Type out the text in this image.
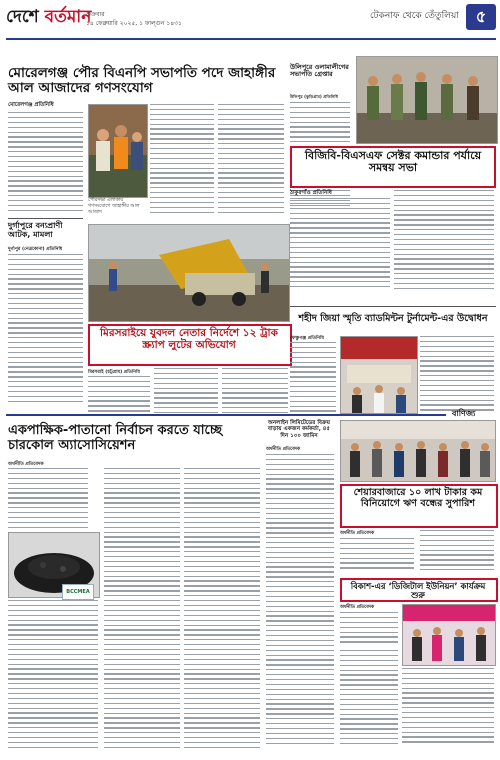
দেশে বর্তমান
শুক্রবার
১৪ ফেব্রুয়ারি ২০২৫, ১ ফাল্গুন ১৪৩১
টেকনাফ থেকে তেঁতুলিয়া	৫
মোরেলগঞ্জ পৌর বিএনপি সভাপতি পদে জাহাঙ্গীর আল আজাদের গণসংযোগ
মোরেলগঞ্জ প্রতিনিধি
পৌরসভা এলাকায় গণসংযোগে জাহাঙ্গীর আল আজাদ
দুর্গাপুরে বন্যপ্রাণী আটক, মামলা
দুর্গাপুর (নেত্রকোনা) প্রতিনিধি
উলিপুরে ওলামালীগের সভাপতি গ্রেপ্তার
উলিপুর (কুড়িগ্রাম) প্রতিনিধি
বিজিবি-বিএসএফ সেক্টর কমান্ডার পর্যায়ে সমন্বয় সভা
ঠাকুরগাঁও প্রতিনিধি
মিরসরাইয়ে যুবদল নেতার নির্দেশে ১২ ট্রাক স্ক্র্যাপ লুটের অভিযোগ
মিরসরাই (চট্টগ্রাম) প্রতিনিধি
শহীদ জিয়া স্মৃতি ব্যাডমিন্টন টুর্নামেন্ট-এর উদ্বোধন
ফেঞ্চুগঞ্জ প্রতিনিধি
বাণিজ্য
একপাক্ষিক-পাতানো নির্বাচন করতে যাচ্ছে চারকোল অ্যাসোসিয়েশন
অর্থনীতি প্রতিবেদক
BCCMEA
অনলাইন লিমিটেডের বিক্রয় বাড়ায় একজন কর্মকর্তা, ৪৫ দিন ১০০ জামিন
অর্থনীতি প্রতিবেদক
শেয়ারবাজারে ১০ লাখ টাকার কম বিনিয়োগে ঋণ বন্ধের সুপারিশ
অর্থনীতি প্রতিবেদক
বিকাশ-এর ‘ডিজিটাল ইউনিয়ন’ কার্যক্রম শুরু
অর্থনীতি প্রতিবেদক
